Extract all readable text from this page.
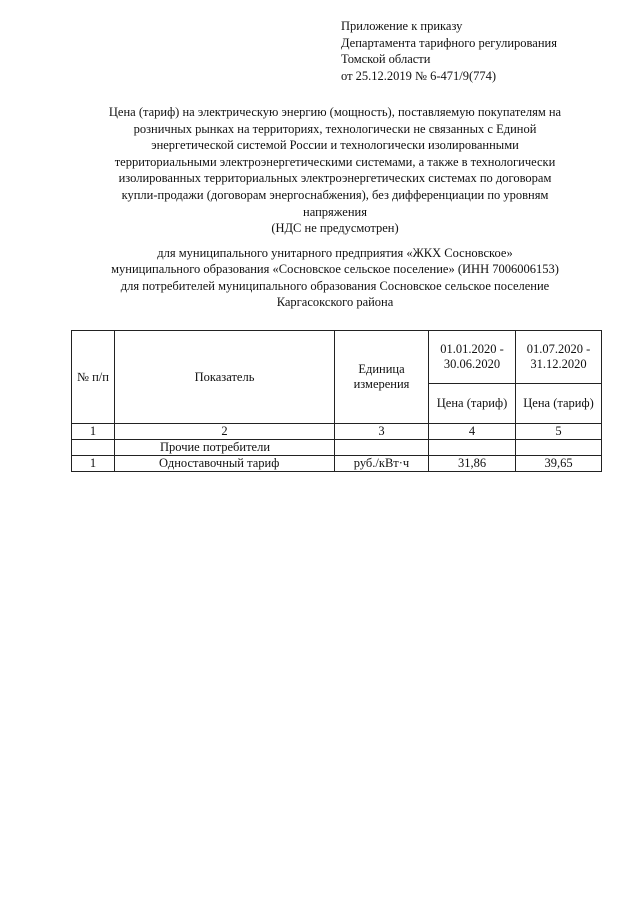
Приложение к приказу
Департамента тарифного регулирования
Томской области
от 25.12.2019 № 6-471/9(774)
Цена (тариф) на электрическую энергию (мощность), поставляемую покупателям на
розничных рынках на территориях, технологически не связанных с Единой
энергетической системой России и технологически изолированными
территориальными электроэнергетическими системами, а также в технологически
изолированных территориальных электроэнергетических системах по договорам
купли-продажи (договорам энергоснабжения), без дифференциации по уровням
напряжения
(НДС не предусмотрен)
для муниципального унитарного предприятия «ЖКХ Сосновское»
муниципального образования «Сосновское сельское поселение» (ИНН 7006006153)
для потребителей муниципального образования Сосновское сельское поселение
Каргасокского района
№ п/п	Показатель	Единица измерения	01.01.2020 - 30.06.2020	01.07.2020 - 31.12.2020
			Цена (тариф)	Цена (тариф)
1	2	3	4	5
	Прочие потребители			
1	Одноставочный тариф	руб./кВт·ч	31,86	39,65
